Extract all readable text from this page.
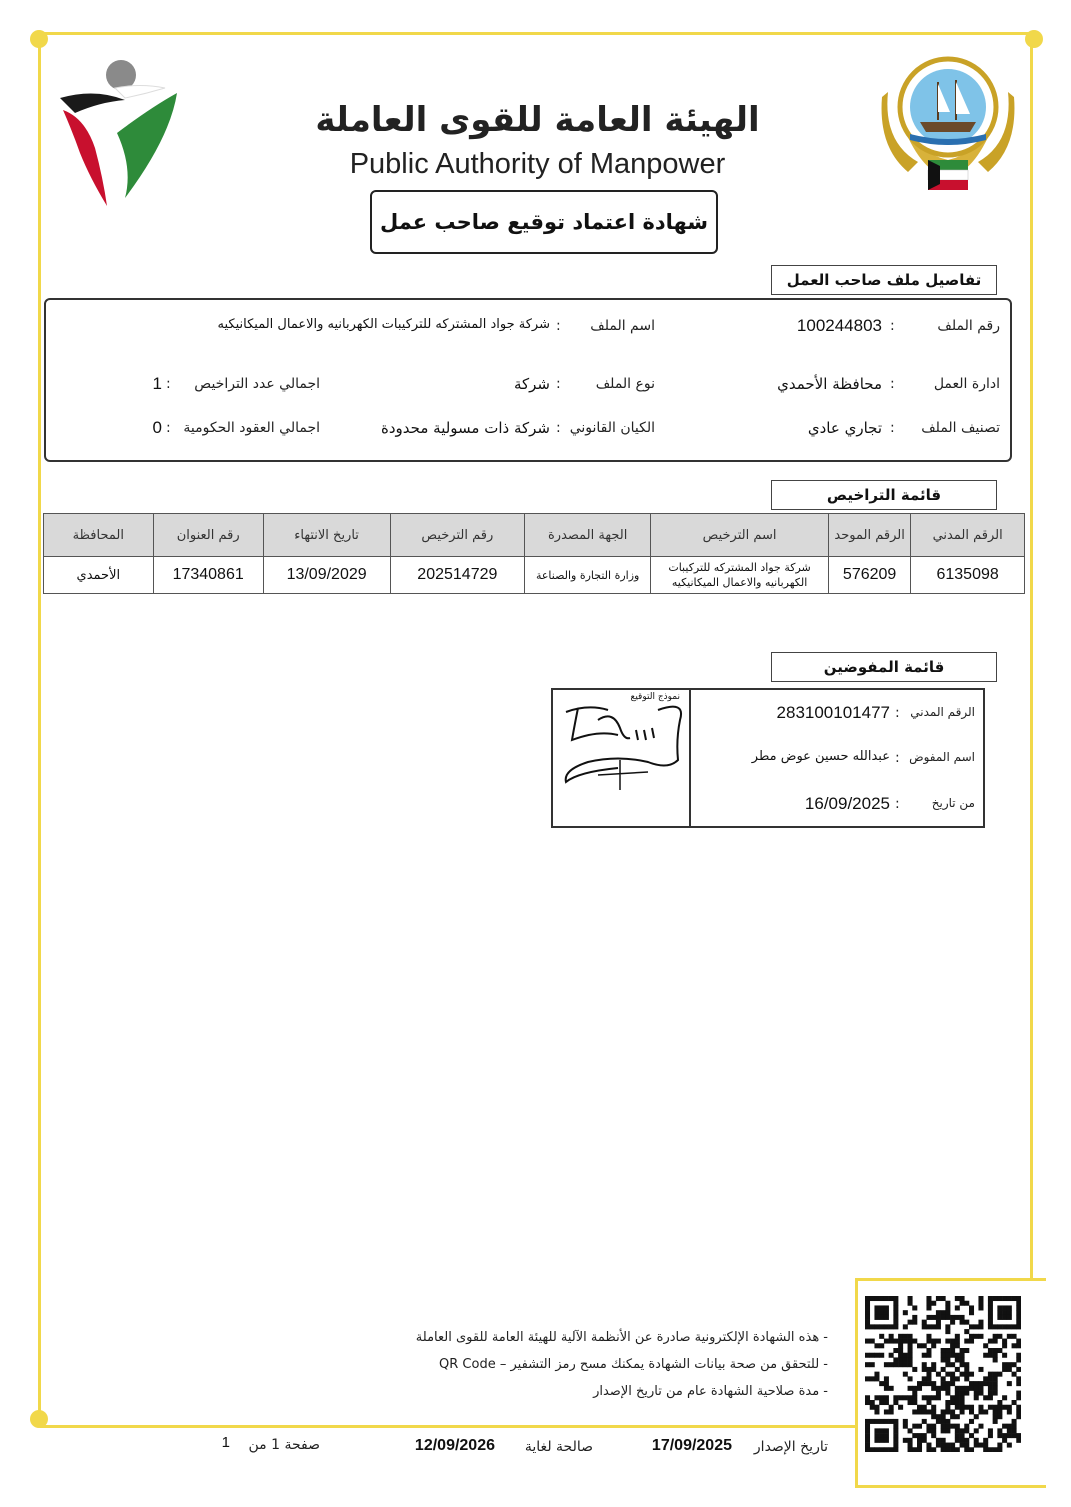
الهيئة العامة للقوى العاملة
Public Authority of Manpower
شهادة اعتماد توقيع صاحب عمل
تفاصيل ملف صاحب العمل
رقم الملف
:
100244803
اسم الملف
:
شركة جواد المشتركه للتركيبات الكهربانيه والاعمال الميكانيكيه
ادارة العمل
:
محافظة الأحمدي
نوع الملف
:
شركة
اجمالي عدد التراخيص
:
1
تصنيف الملف
:
تجاري عادي
الكيان القانوني
:
شركة ذات مسولية محدودة
اجمالي العقود الحكومية
:
0
قائمة التراخيص
الرقم المدني	الرقم الموحد	اسم الترخيص	الجهة المصدرة	رقم الترخيص	تاريخ الانتهاء	رقم العنوان	المحافظة
6135098	576209	شركة جواد المشتركه للتركيبات الكهربانيه والاعمال الميكانيكيه	وزارة التجارة والصناعة	202514729	13/09/2029	17340861	الأحمدي
قائمة المفوضين
الرقم المدني
:
283100101477
اسم المفوض
:
عبدالله حسين عوض مطر
من تاريخ
:
16/09/2025
نموذج التوقيع
- هذه الشهادة الإلكترونية صادرة عن الأنظمة الآلية للهيئة العامة للقوى العاملة
- للتحقق من صحة بيانات الشهادة يمكنك مسح رمز التشفير – QR Code
- مدة صلاحية الشهادة عام من تاريخ الإصدار
تاريخ الإصدار
17/09/2025
صالحة لغاية
12/09/2026
صفحة 1 من
1
